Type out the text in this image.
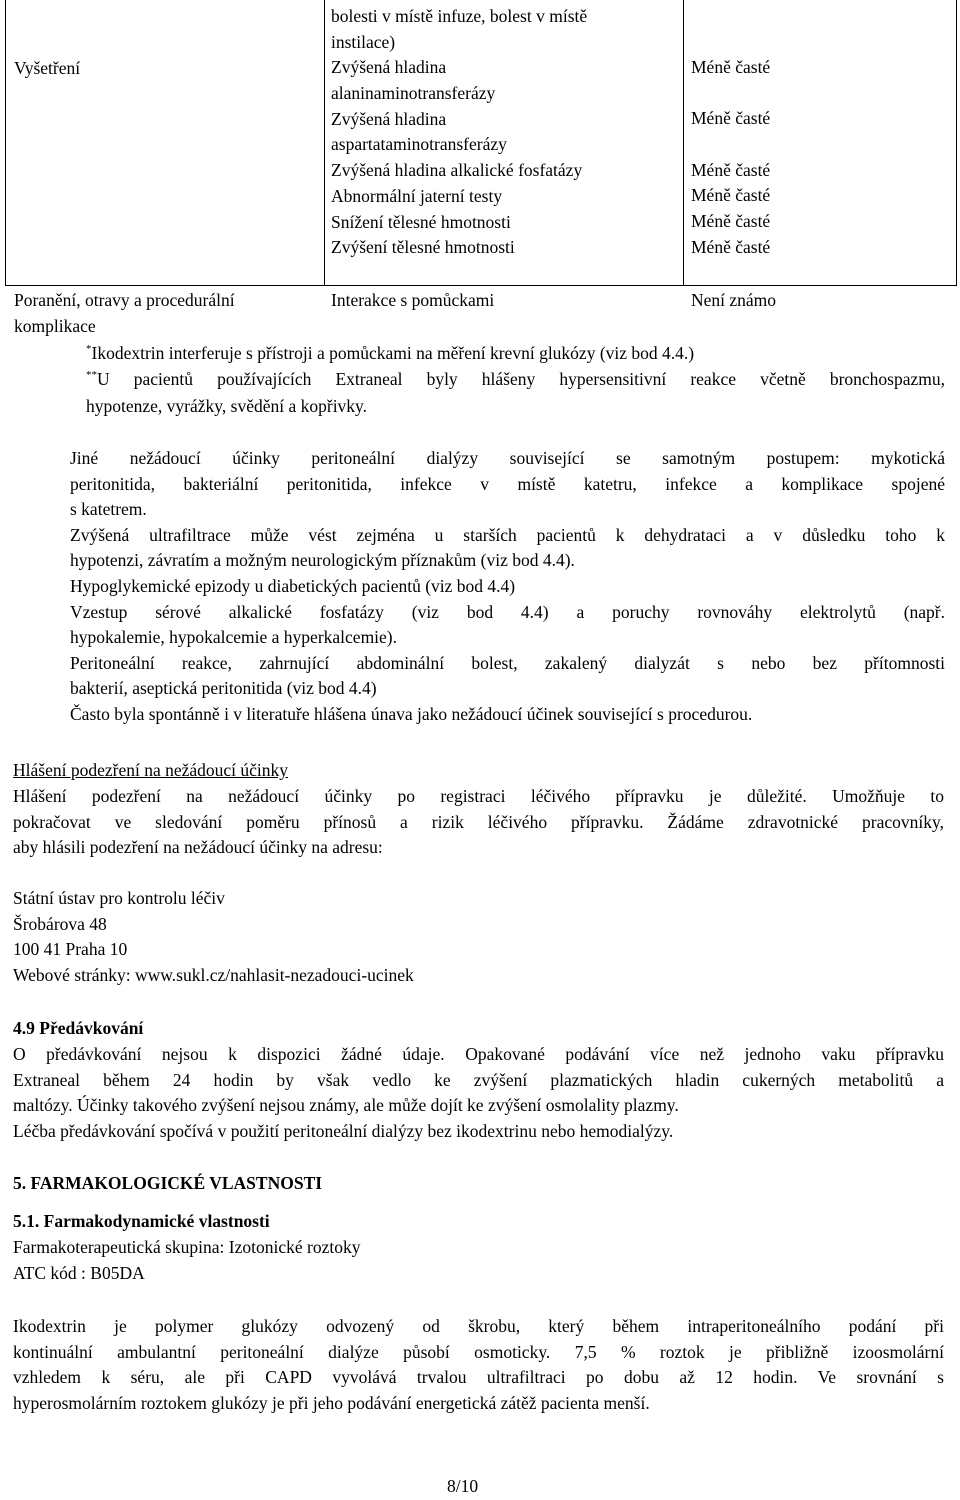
Vyšetření
bolesti v místě infuze, bolest v místě
instilace)
Zvýšená hladina
alaninaminotransferázy
Zvýšená hladina
aspartataminotransferázy
Zvýšená hladina alkalické fosfatázy
Abnormální jaterní testy
Snížení tělesné hmotnosti
Zvýšení tělesné hmotnosti
Méně časté
Méně časté
Méně časté
Méně časté
Méně časté
Méně časté
Poranění, otravy a procedurální
komplikace
Interakce s pomůckami	Není známo
*Ikodextrin interferuje s přístroji a pomůckami na měření krevní glukózy (viz bod 4.4.)
**U pacientů používajících Extraneal byly hlášeny hypersensitivní reakce včetně bronchospazmu,
hypotenze, vyrážky, svědění a kopřivky.
Jiné nežádoucí účinky peritoneální dialýzy související se samotným postupem: mykotická
peritonitida, bakteriální peritonitida, infekce v místě katetru, infekce a komplikace spojené
s katetrem.
Zvýšená ultrafiltrace může vést zejména u starších pacientů k dehydrataci a v důsledku toho k
hypotenzi, závratím a možným neurologickým příznakům (viz bod 4.4).
Hypoglykemické epizody u diabetických pacientů (viz bod 4.4)
Vzestup sérové alkalické fosfatázy (viz bod 4.4) a poruchy rovnováhy elektrolytů (např.
hypokalemie, hypokalcemie a hyperkalcemie).
Peritoneální reakce, zahrnující abdominální bolest, zakalený dialyzát s nebo bez přítomnosti
bakterií, aseptická peritonitida (viz bod 4.4)
Často byla spontánně i v literatuře hlášena únava jako nežádoucí účinek související s procedurou.
Hlášení podezření na nežádoucí účinky
Hlášení podezření na nežádoucí účinky po registraci léčivého přípravku je důležité. Umožňuje to
pokračovat ve sledování poměru přínosů a rizik léčivého přípravku. Žádáme zdravotnické pracovníky,
aby hlásili podezření na nežádoucí účinky na adresu:
Státní ústav pro kontrolu léčiv
Šrobárova 48
100 41 Praha 10
Webové stránky: www.sukl.cz/nahlasit-nezadouci-ucinek
4.9 Předávkování
O předávkování nejsou k dispozici žádné údaje. Opakované podávání více než jednoho vaku přípravku
Extraneal během 24 hodin by však vedlo ke zvýšení plazmatických hladin cukerných metabolitů a
maltózy. Účinky takového zvýšení nejsou známy, ale může dojít ke zvýšení osmolality plazmy.
Léčba předávkování spočívá v použití peritoneální dialýzy bez ikodextrinu nebo hemodialýzy.
5. FARMAKOLOGICKÉ VLASTNOSTI
5.1. Farmakodynamické vlastnosti
Farmakoterapeutická skupina: Izotonické roztoky
ATC kód : B05DA
Ikodextrin je polymer glukózy odvozený od škrobu, který během intraperitoneálního podání při
kontinuální ambulantní peritoneální dialýze působí osmoticky. 7,5 % roztok je přibližně izoosmolární
vzhledem k séru, ale při CAPD vyvolává trvalou ultrafiltraci po dobu až 12 hodin. Ve srovnání s
hyperosmolárním roztokem glukózy je při jeho podávání energetická zátěž pacienta menší.
8/10
